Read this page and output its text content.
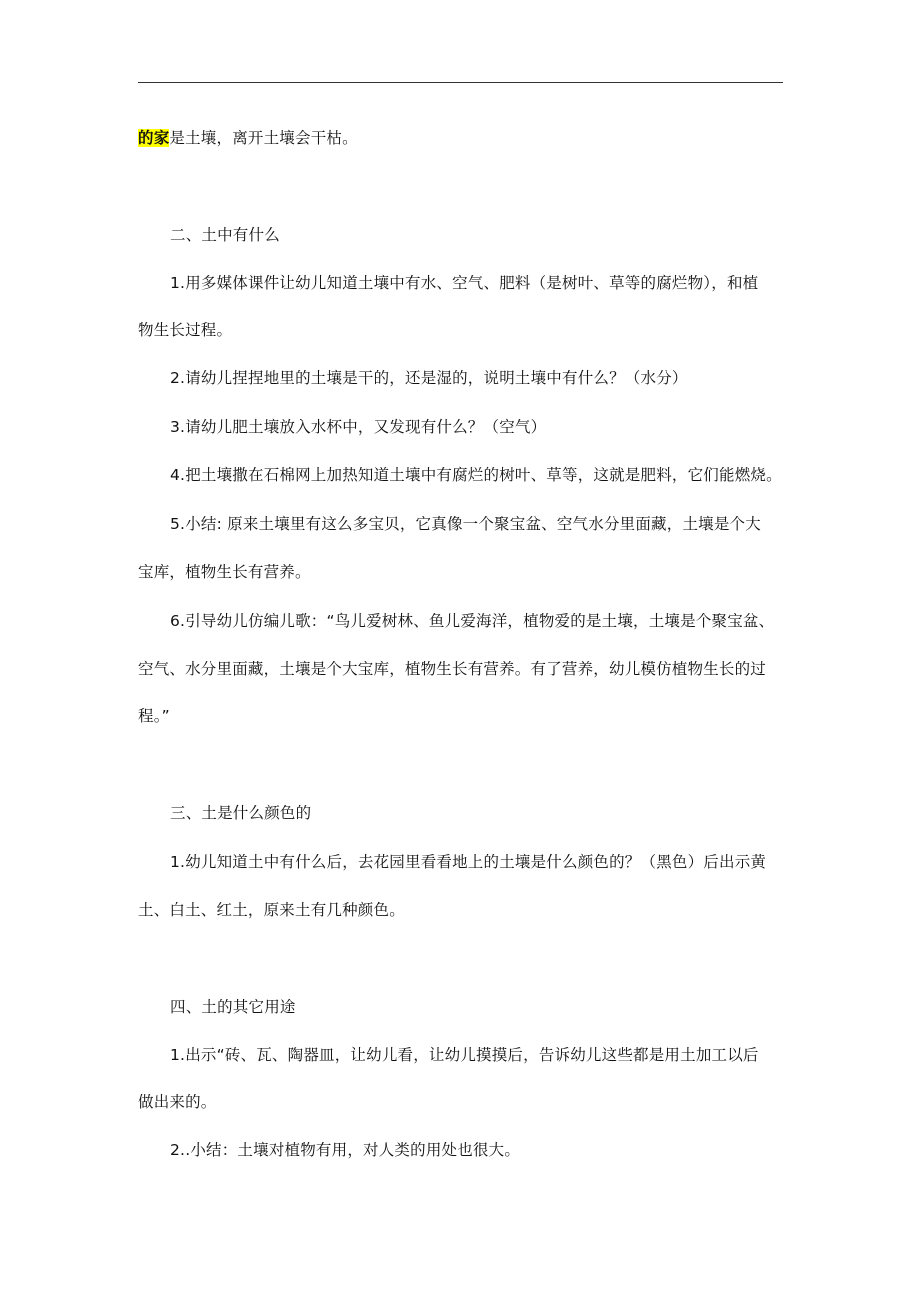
的家是土壤，离开土壤会干枯。
二、土中有什么
1.用多媒体课件让幼儿知道土壤中有水、空气、肥料（是树叶、草等的腐烂物），和植
物生长过程。
2.请幼儿捏捏地里的土壤是干的，还是湿的，说明土壤中有什么？（水分）
3.请幼儿肥土壤放入水杯中，又发现有什么？（空气）
4.把土壤撒在石棉网上加热知道土壤中有腐烂的树叶、草等，这就是肥料，它们能燃烧。
5.小结: 原来土壤里有这么多宝贝，它真像一个聚宝盆、空气水分里面藏，土壤是个大
宝库，植物生长有营养。
6.引导幼儿仿编儿歌：“鸟儿爱树林、鱼儿爱海洋，植物爱的是土壤，土壤是个聚宝盆、
空气、水分里面藏，土壤是个大宝库，植物生长有营养。有了营养，幼儿模仿植物生长的过
程。”
三、土是什么颜色的
1.幼儿知道土中有什么后，去花园里看看地上的土壤是什么颜色的？（黑色）后出示黄
土、白土、红土，原来土有几种颜色。
四、土的其它用途
1.出示“砖、瓦、陶器皿，让幼儿看，让幼儿摸摸后，告诉幼儿这些都是用土加工以后
做出来的。
2..小结：土壤对植物有用，对人类的用处也很大。
